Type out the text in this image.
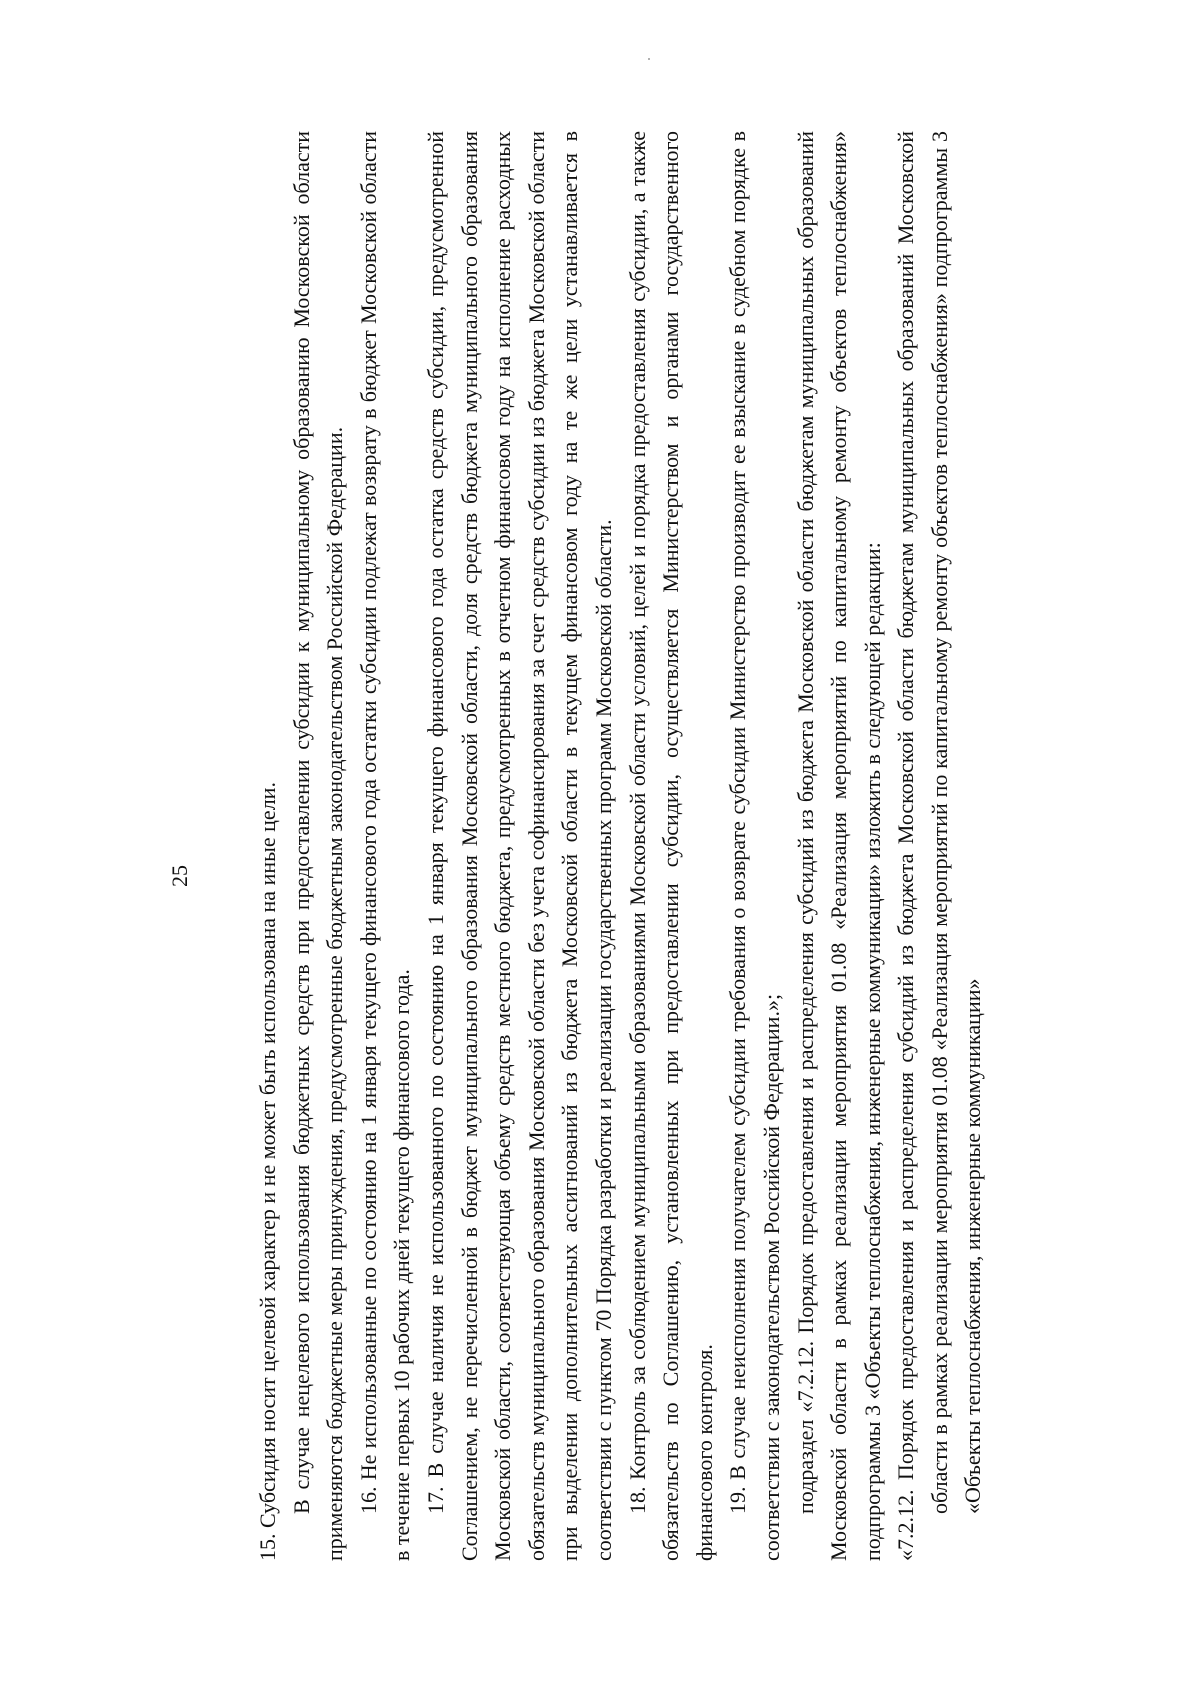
25	15. Субсидия носит целевой характер и не может быть использована на иные цели. В случае нецелевого использования бюджетных средств при предоставлении субсидии к муниципальному образованию Московской области применяются бюджетные меры принуждения, предусмотренные бюджетным законодательством Российской Федерации. 16. Не использованные по состоянию на 1 января текущего финансового года остатки субсидии подлежат возврату в бюджет Московской области в течение первых 10 рабочих дней текущего финансового года. 17. В случае наличия не использованного по состоянию на 1 января текущего финансового года остатка средств субсидии, предусмотренной Соглашением, не перечисленной в бюджет муниципального образования Московской области, доля средств бюджета муниципального образования Московской области, соответствующая объему средств местного бюджета, предусмотренных в отчетном финансовом году на исполнение расходных обязательств муниципального образования Московской области без учета софинансирования за счет средств субсидии из бюджета Московской области при выделении дополнительных ассигнований из бюджета Московской области в текущем финансовом году на те же цели устанавливается в соответствии с пунктом 70 Порядка разработки и реализации государственных программ Московской области. 18. Контроль за соблюдением муниципальными образованиями Московской области условий, целей и порядка предоставления субсидии, а также обязательств по Соглашению, установленных при предоставлении субсидии, осуществляется Министерством и органами государственного финансового контроля. 19. В случае неисполнения получателем субсидии требования о возврате субсидии Министерство производит ее взыскание в судебном порядке в соответствии с законодательством Российской Федерации.»; подраздел «7.2.12. Порядок предоставления и распределения субсидий из бюджета Московской области бюджетам муниципальных образований Московской области в рамках реализации мероприятия 01.08 «Реализация мероприятий по капитальному ремонту объектов теплоснабжения» подпрограммы 3 «Объекты теплоснабжения, инженерные коммуникации» изложить в следующей редакции: «7.2.12. Порядок предоставления и распределения субсидий из бюджета Московской области бюджетам муниципальных образований Московской области в рамках реализации мероприятия 01.08 «Реализация мероприятий по капитальному ремонту объектов теплоснабжения» подпрограммы 3 «Объекты теплоснабжения, инженерные коммуникации»
